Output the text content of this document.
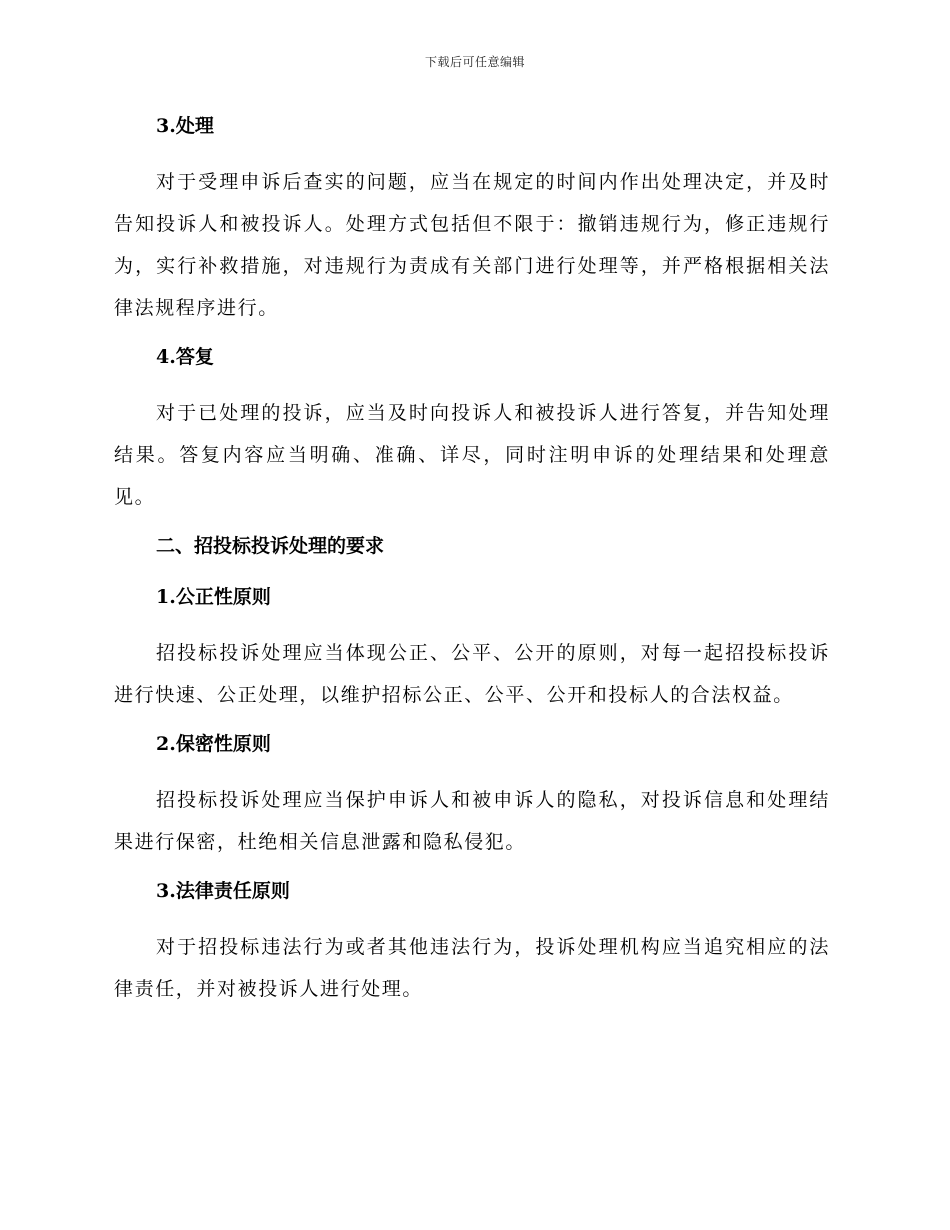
下载后可任意编辑
3.处理

对于受理申诉后查实的问题，应当在规定的时间内作出处理决定，并及时告知投诉人和被投诉人。处理方式包括但不限于：撤销违规行为，修正违规行为，实行补救措施，对违规行为责成有关部门进行处理等，并严格根据相关法律法规程序进行。

4.答复

对于已处理的投诉，应当及时向投诉人和被投诉人进行答复，并告知处理结果。答复内容应当明确、准确、详尽，同时注明申诉的处理结果和处理意见。

二、招投标投诉处理的要求
1.公正性原则

招投标投诉处理应当体现公正、公平、公开的原则，对每一起招投标投诉进行快速、公正处理，以维护招标公正、公平、公开和投标人的合法权益。

2.保密性原则

招投标投诉处理应当保护申诉人和被申诉人的隐私，对投诉信息和处理结果进行保密，杜绝相关信息泄露和隐私侵犯。

3.法律责任原则

对于招投标违法行为或者其他违法行为，投诉处理机构应当追究相应的法律责任，并对被投诉人进行处理。
